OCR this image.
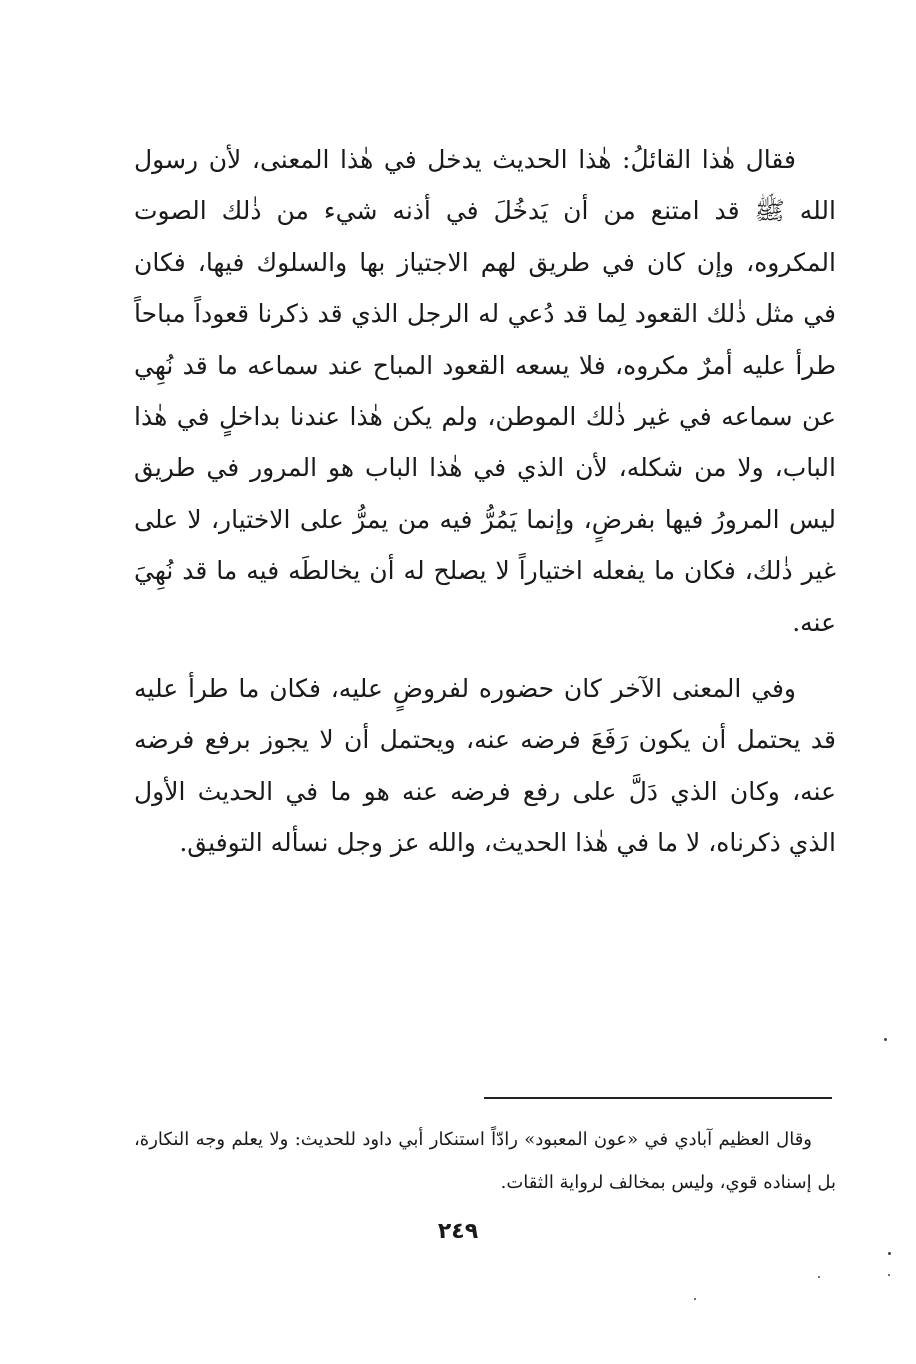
فقال هٰذا القائلُ: هٰذا الحديث يدخل في هٰذا المعنى، لأن رسول الله ﷺ قد امتنع من أن يَدخُلَ في أذنه شيء من ذٰلك الصوت المكروه، وإن كان في طريق لهم الاجتياز بها والسلوك فيها، فكان في مثل ذٰلك القعود لِما قد دُعي له الرجل الذي قد ذكرنا قعوداً مباحاً طرأ عليه أمرٌ مكروه، فلا يسعه القعود المباح عند سماعه ما قد نُهِي عن سماعه في غير ذٰلك الموطن، ولم يكن هٰذا عندنا بداخلٍ في هٰذا الباب، ولا من شكله، لأن الذي في هٰذا الباب هو المرور في طريق ليس المرورُ فيها بفرضٍ، وإنما يَمُرُّ فيه من يمرُّ على الاختيار، لا على غير ذٰلك، فكان ما يفعله اختياراً لا يصلح له أن يخالطَه فيه ما قد نُهِيَ عنه.

وفي المعنى الآخر كان حضوره لفروضٍ عليه، فكان ما طرأ عليه قد يحتمل أن يكون رَفَعَ فرضه عنه، ويحتمل أن لا يجوز برفع فرضه عنه، وكان الذي دَلَّ على رفع فرضه عنه هو ما في الحديث الأول الذي ذكرناه، لا ما في هٰذا الحديث، والله عز وجل نسأله التوفيق.

وقال العظيم آبادي في «عون المعبود» رادّاً استنكار أبي داود للحديث: ولا يعلم وجه النكارة، بل إسناده قوي، وليس بمخالف لرواية الثقات.

٢٤٩
